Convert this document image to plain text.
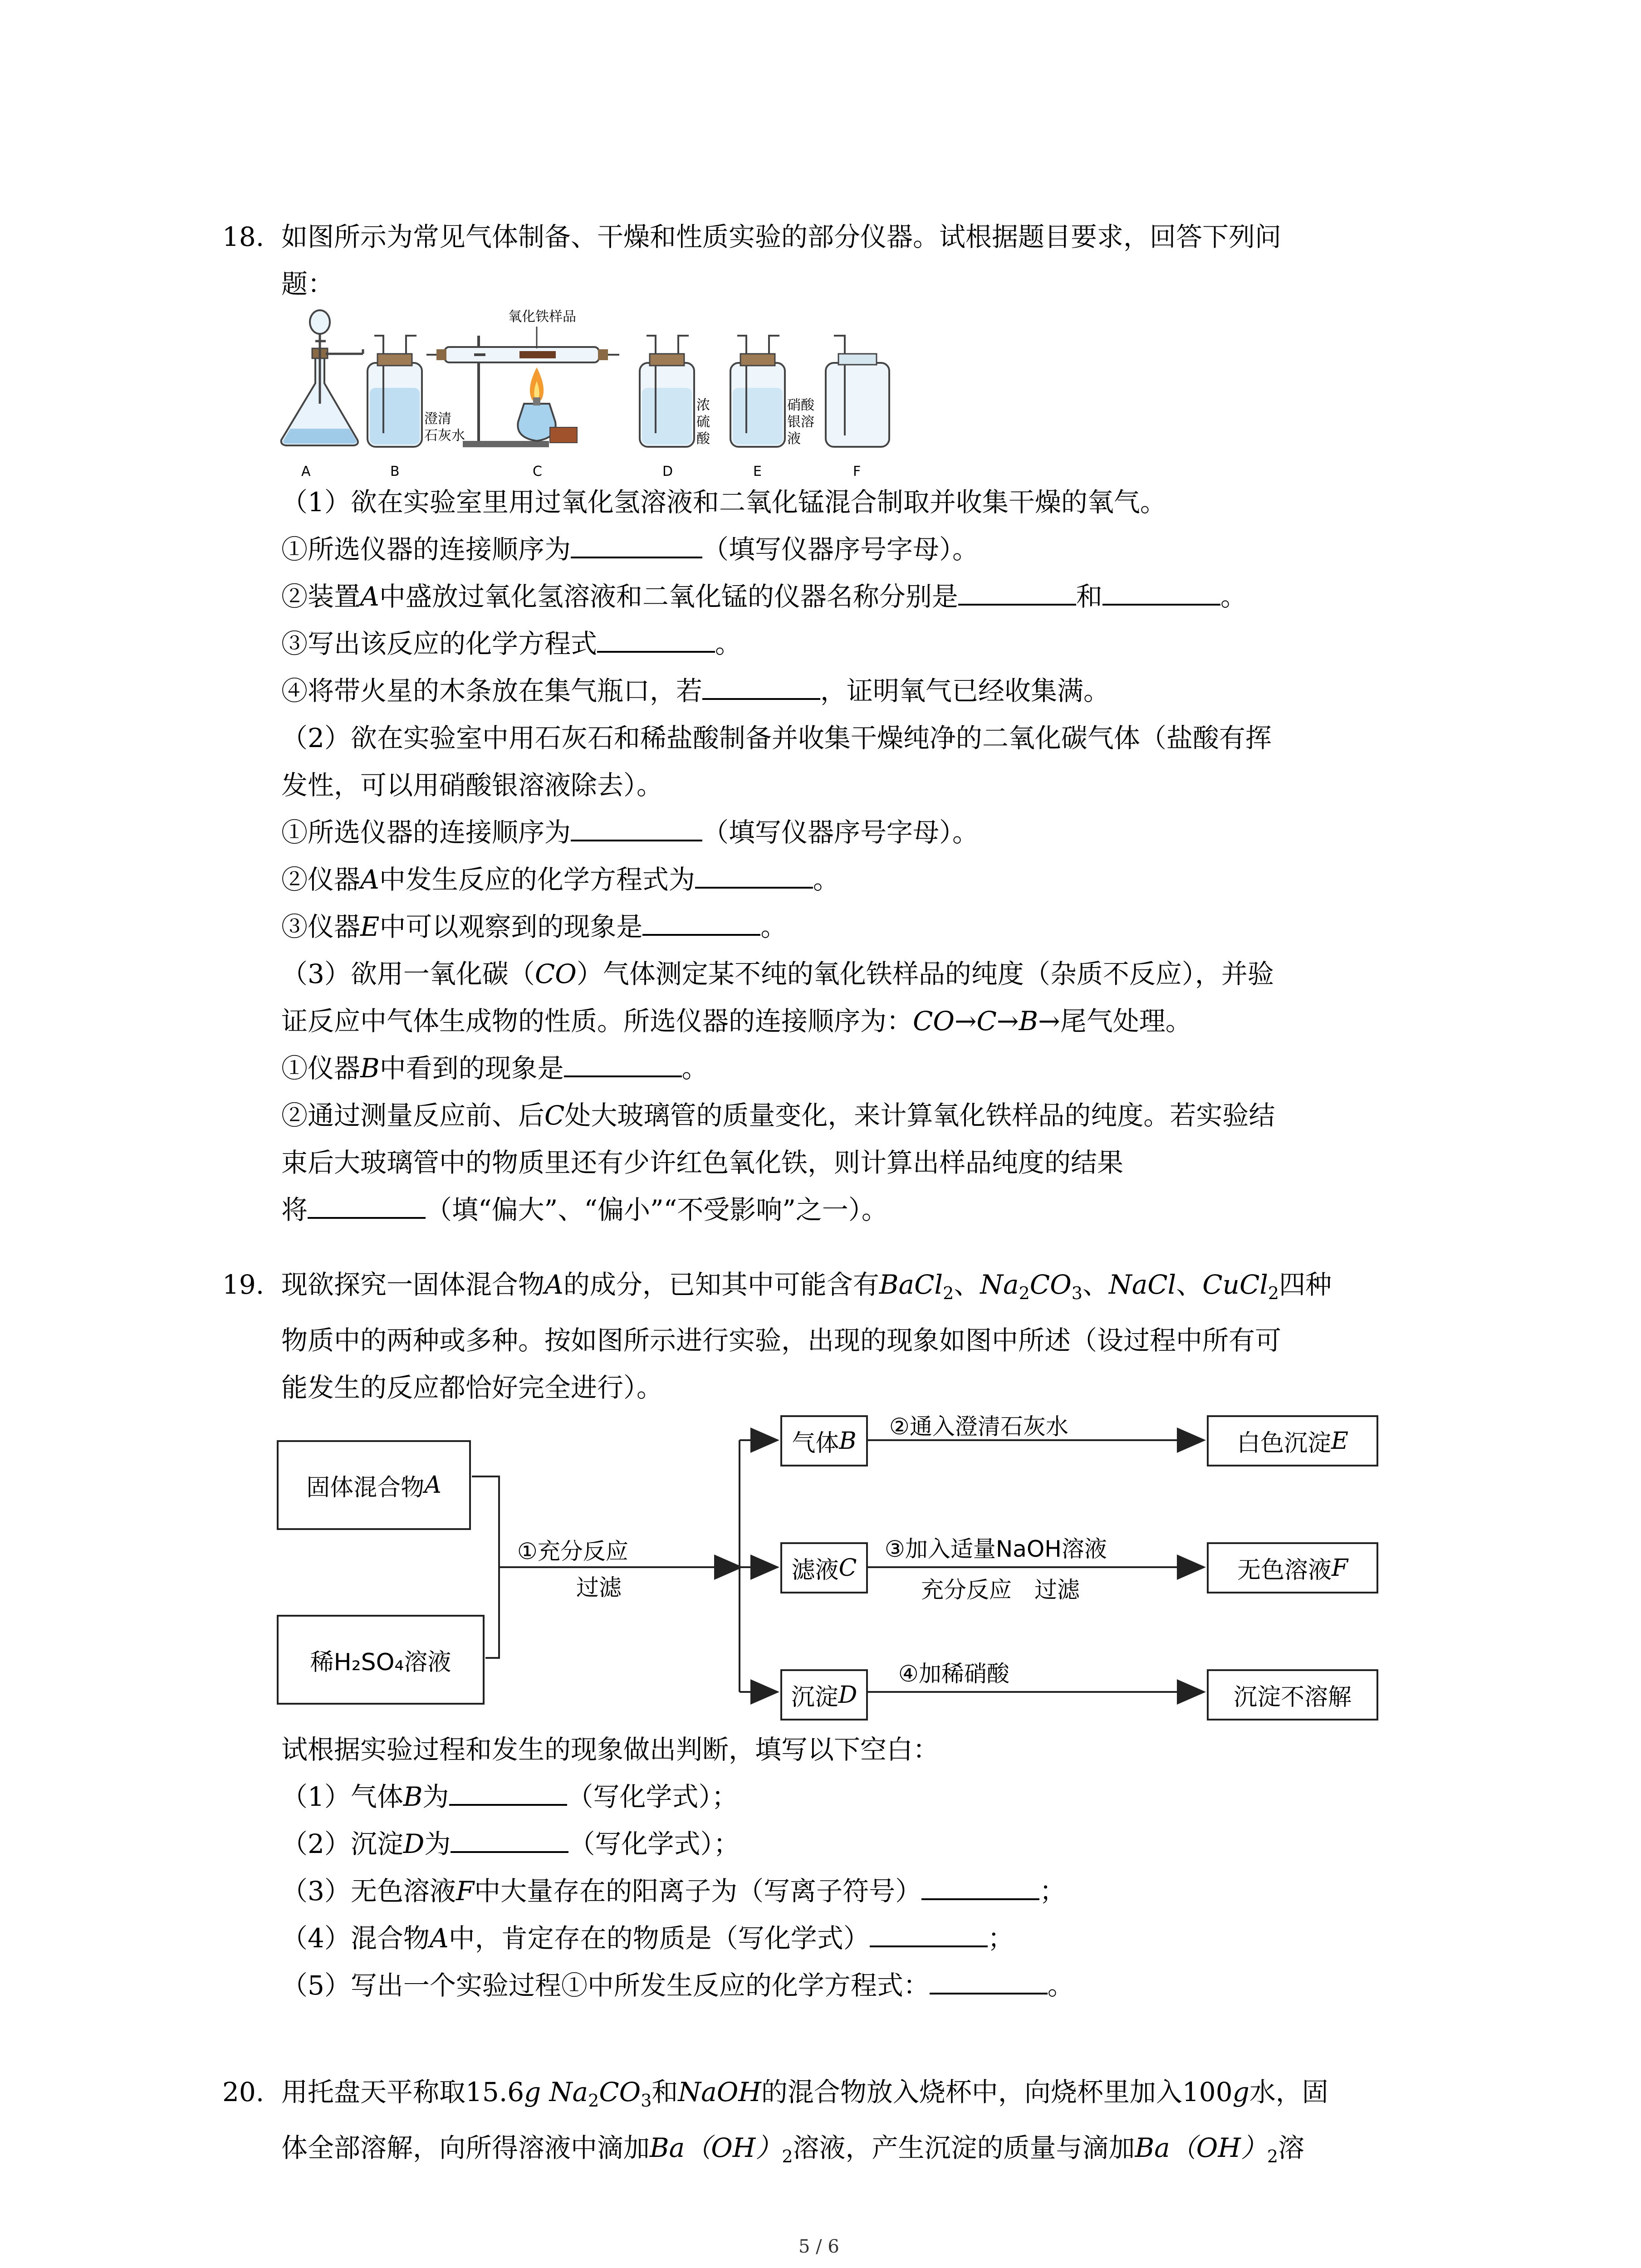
18. 如图所示为常见气体制备、干燥和性质实验的部分仪器。试根据题目要求，回答下列问
题：
氧化铁样品
澄清
石灰水
浓
硫
酸
硝酸
银溶
液
A	B	C	D	E	F
（1）欲在实验室里用过氧化氢溶液和二氧化锰混合制取并收集干燥的氧气。
①所选仪器的连接顺序为	（填写仪器序号字母）。
②装置A中盛放过氧化氢溶液和二氧化锰的仪器名称分别是	和	。
③写出该反应的化学方程式	。
④将带火星的木条放在集气瓶口，若	，证明氧气已经收集满。
（2）欲在实验室中用石灰石和稀盐酸制备并收集干燥纯净的二氧化碳气体（盐酸有挥
发性，可以用硝酸银溶液除去）。
①所选仪器的连接顺序为	（填写仪器序号字母）。
②仪器A中发生反应的化学方程式为	。
③仪器E中可以观察到的现象是	。
（3）欲用一氧化碳（CO）气体测定某不纯的氧化铁样品的纯度（杂质不反应），并验
证反应中气体生成物的性质。所选仪器的连接顺序为：CO→C→B→尾气处理。
①仪器B中看到的现象是	。
②通过测量反应前、后C处大玻璃管的质量变化，来计算氧化铁样品的纯度。若实验结
束后大玻璃管中的物质里还有少许红色氧化铁，则计算出样品纯度的结果
将	（填“偏大”、“偏小”“不受影响”之一）。
19. 现欲探究一固体混合物A的成分，已知其中可能含有BaCl$_2$、$Na_2CO_3$、NaCl、CuCl$_2$四种
物质中的两种或多种。按如图所示进行实验，出现的现象如图中所述（设过程中所有可
能发生的反应都恰好完全进行）。
固体混合物 A
稀H₂SO₄溶液
①充分反应
过滤
气体 B
滤液 C
沉淀 D
②通入澄清石灰水
③加入适量NaOH溶液
充分反应　过滤
④加稀硝酸
白色沉淀 E
无色溶液 F
沉淀不溶解
试根据实验过程和发生的现象做出判断，填写以下空白：
（1）气体B为	（写化学式）；
（2）沉淀D为	（写化学式）；
（3）无色溶液F中大量存在的阳离子为（写离子符号）	；
（4）混合物A中，肯定存在的物质是（写化学式）	；
（5）写出一个实验过程①中所发生反应的化学方程式：	。
20. 用托盘天平称取15.6g $Na_2CO_3$和NaOH的混合物放入烧杯中，向烧杯里加入100g水，固
体全部溶解，向所得溶液中滴加$Ba(OH)_2$溶液，产生沉淀的质量与滴加$Ba(OH)_2$溶
5 / 6
